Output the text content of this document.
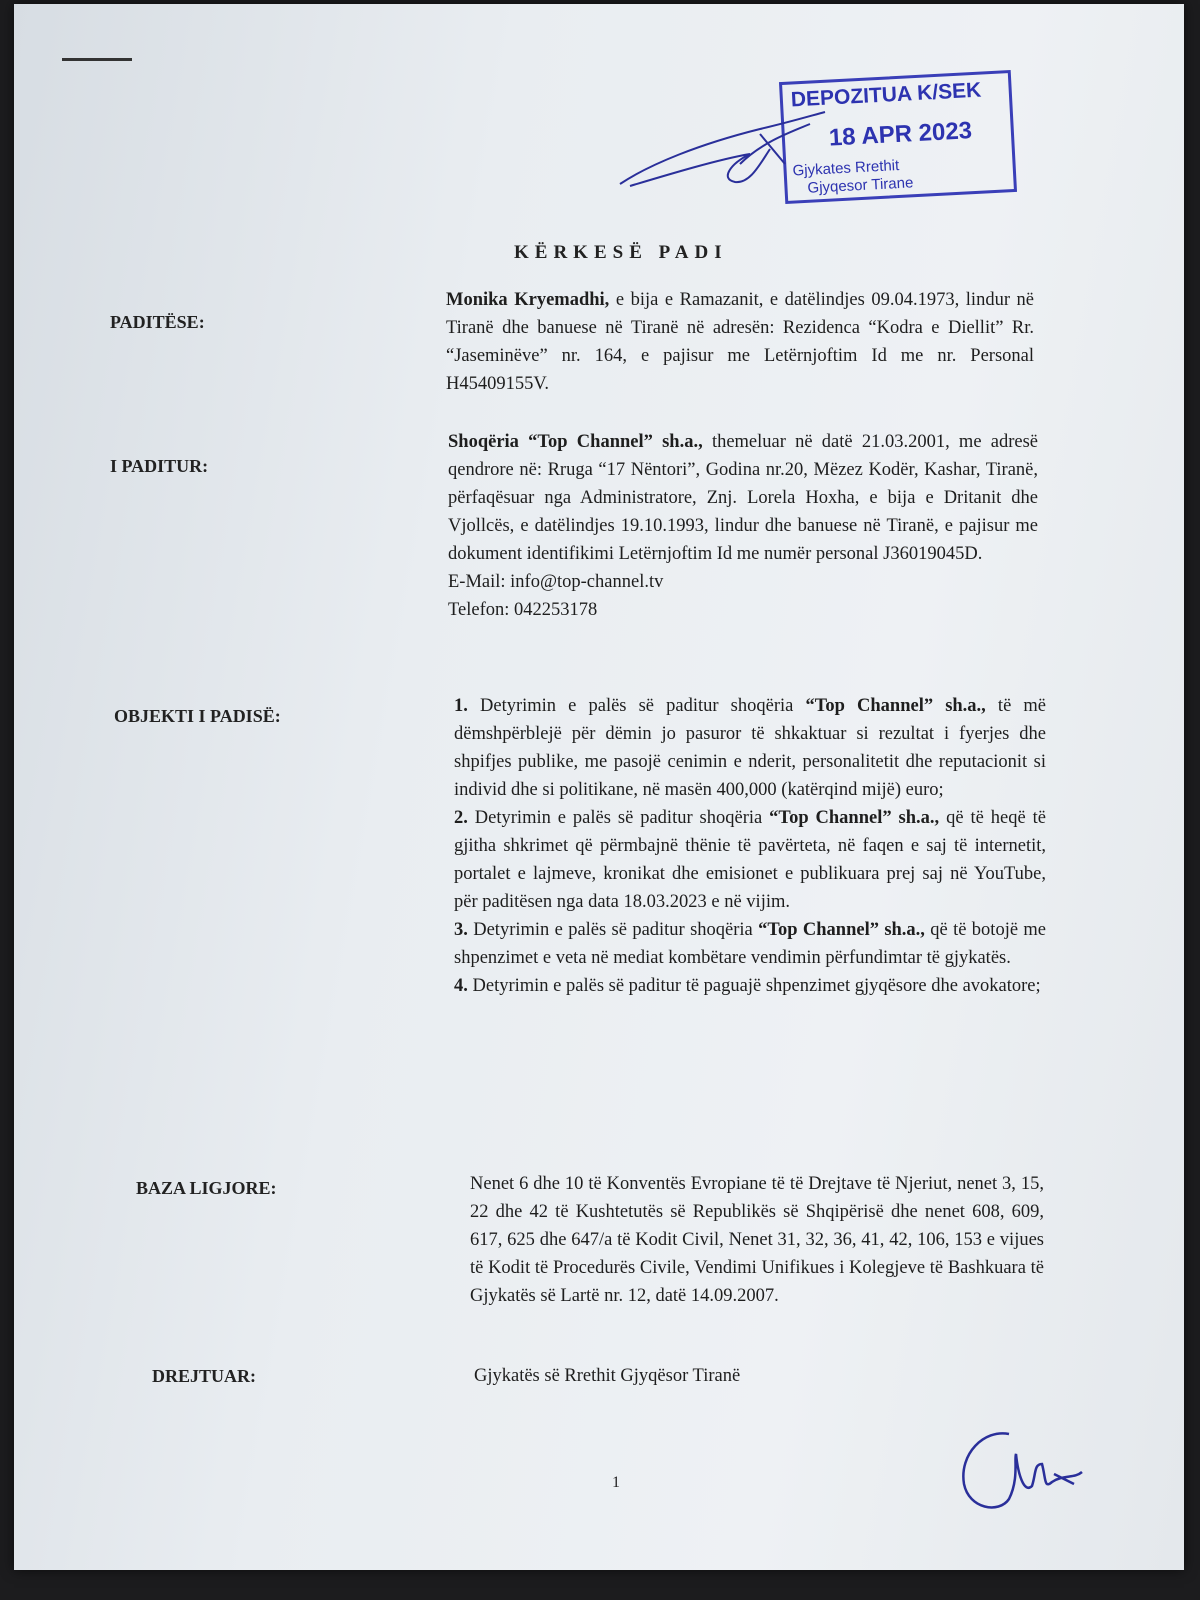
DEPOZITUA K/SEK
18 APR 2023
Gjykates Rrethit
Gjyqesor Tirane
KËRKESË PADI
PADITËSE:

Monika Kryemadhi, e bija e Ramazanit, e datëlindjes 09.04.1973, lindur në Tiranë dhe banuese në Tiranë në adresën: Rezidenca “Kodra e Diellit” Rr. “Jaseminëve” nr. 164, e pajisur me Letërnjoftim Id me nr. Personal H45409155V.

I PADITUR:

Shoqëria “Top Channel” sh.a., themeluar në datë 21.03.2001, me adresë qendrore në: Rruga “17 Nëntori”, Godina nr.20, Mëzez Kodër, Kashar, Tiranë, përfaqësuar nga Administratore, Znj. Lorela Hoxha, e bija e Dritanit dhe Vjollcës, e datëlindjes 19.10.1993, lindur dhe banuese në Tiranë, e pajisur me dokument identifikimi Letërnjoftim Id me numër personal J36019045D.

E-Mail: info@top-channel.tv

Telefon: 042253178

OBJEKTI I PADISË:	1. Detyrimin e palës së paditur shoqëria “Top Channel” sh.a., të më dëmshpërblejë për dëmin jo pasuror të shkaktuar si rezultat i fyerjes dhe shpifjes publike, me pasojë cenimin e nderit, personalitetit dhe reputacionit si individ dhe si politikane, në masën 400,000 (katërqind mijë) euro;

2. Detyrimin e palës së paditur shoqëria “Top Channel” sh.a., që të heqë të gjitha shkrimet që përmbajnë thënie të pavërteta, në faqen e saj të internetit, portalet e lajmeve, kronikat dhe emisionet e publikuara prej saj në YouTube, për paditësen nga data 18.03.2023 e në vijim.

3. Detyrimin e palës së paditur shoqëria “Top Channel” sh.a., që të botojë me shpenzimet e veta në mediat kombëtare vendimin përfundimtar të gjykatës.

4. Detyrimin e palës së paditur të paguajë shpenzimet gjyqësore dhe avokatore;

BAZA LIGJORE:	Nenet 6 dhe 10 të Konventës Evropiane të të Drejtave të Njeriut, nenet 3, 15, 22 dhe 42 të Kushtetutës së Republikës së Shqipërisë dhe nenet 608, 609, 617, 625 dhe 647/a të Kodit Civil, Nenet 31, 32, 36, 41, 42, 106, 153 e vijues të Kodit të Procedurës Civile, Vendimi Unifikues i Kolegjeve të Bashkuara të Gjykatës së Lartë nr. 12, datë 14.09.2007.

DREJTUAR:	Gjykatës së Rrethit Gjyqësor Tiranë

1
